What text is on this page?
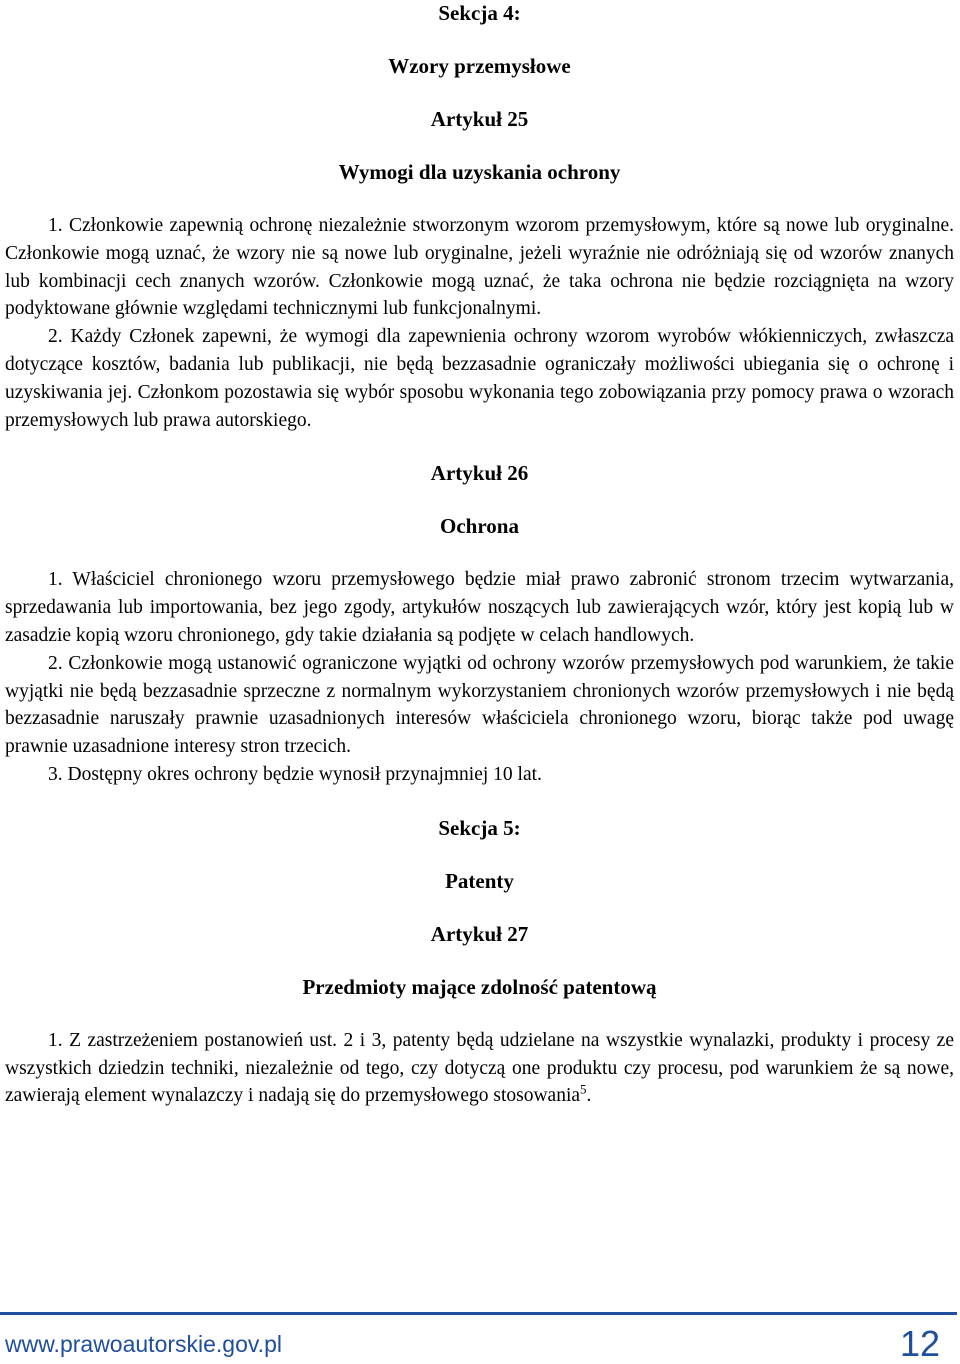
Sekcja 4:
Wzory przemysłowe
Artykuł 25
Wymogi dla uzyskania ochrony

1. Członkowie zapewnią ochronę niezależnie stworzonym wzorom przemysłowym, które są nowe lub oryginalne. Członkowie mogą uznać, że wzory nie są nowe lub oryginalne, jeżeli wyraźnie nie odróżniają się od wzorów znanych lub kombinacji cech znanych wzorów. Członkowie mogą uznać, że taka ochrona nie będzie rozciągnięta na wzory podyktowane głównie względami technicznymi lub funkcjonalnymi.

2. Każdy Członek zapewni, że wymogi dla zapewnienia ochrony wzorom wyrobów włókienniczych, zwłaszcza dotyczące kosztów, badania lub publikacji, nie będą bezzasadnie ograniczały możliwości ubiegania się o ochronę i uzyskiwania jej. Członkom pozostawia się wybór sposobu wykonania tego zobowiązania przy pomocy prawa o wzorach przemysłowych lub prawa autorskiego.

Artykuł 26
Ochrona

1. Właściciel chronionego wzoru przemysłowego będzie miał prawo zabronić stronom trzecim wytwarzania, sprzedawania lub importowania, bez jego zgody, artykułów noszących lub zawierających wzór, który jest kopią lub w zasadzie kopią wzoru chronionego, gdy takie działania są podjęte w celach handlowych.

2. Członkowie mogą ustanowić ograniczone wyjątki od ochrony wzorów przemysłowych pod warunkiem, że takie wyjątki nie będą bezzasadnie sprzeczne z normalnym wykorzystaniem chronionych wzorów przemysłowych i nie będą bezzasadnie naruszały prawnie uzasadnionych interesów właściciela chronionego wzoru, biorąc także pod uwagę prawnie uzasadnione interesy stron trzecich.

3. Dostępny okres ochrony będzie wynosił przynajmniej 10 lat.

Sekcja 5:
Patenty
Artykuł 27
Przedmioty mające zdolność patentową

1. Z zastrzeżeniem postanowień ust. 2 i 3, patenty będą udzielane na wszystkie wynalazki, produkty i procesy ze wszystkich dziedzin techniki, niezależnie od tego, czy dotyczą one produktu czy procesu, pod warunkiem że są nowe, zawierają element wynalazczy i nadają się do przemysłowego stosowania$^5$.

www.prawoautorskie.gov.pl	12
